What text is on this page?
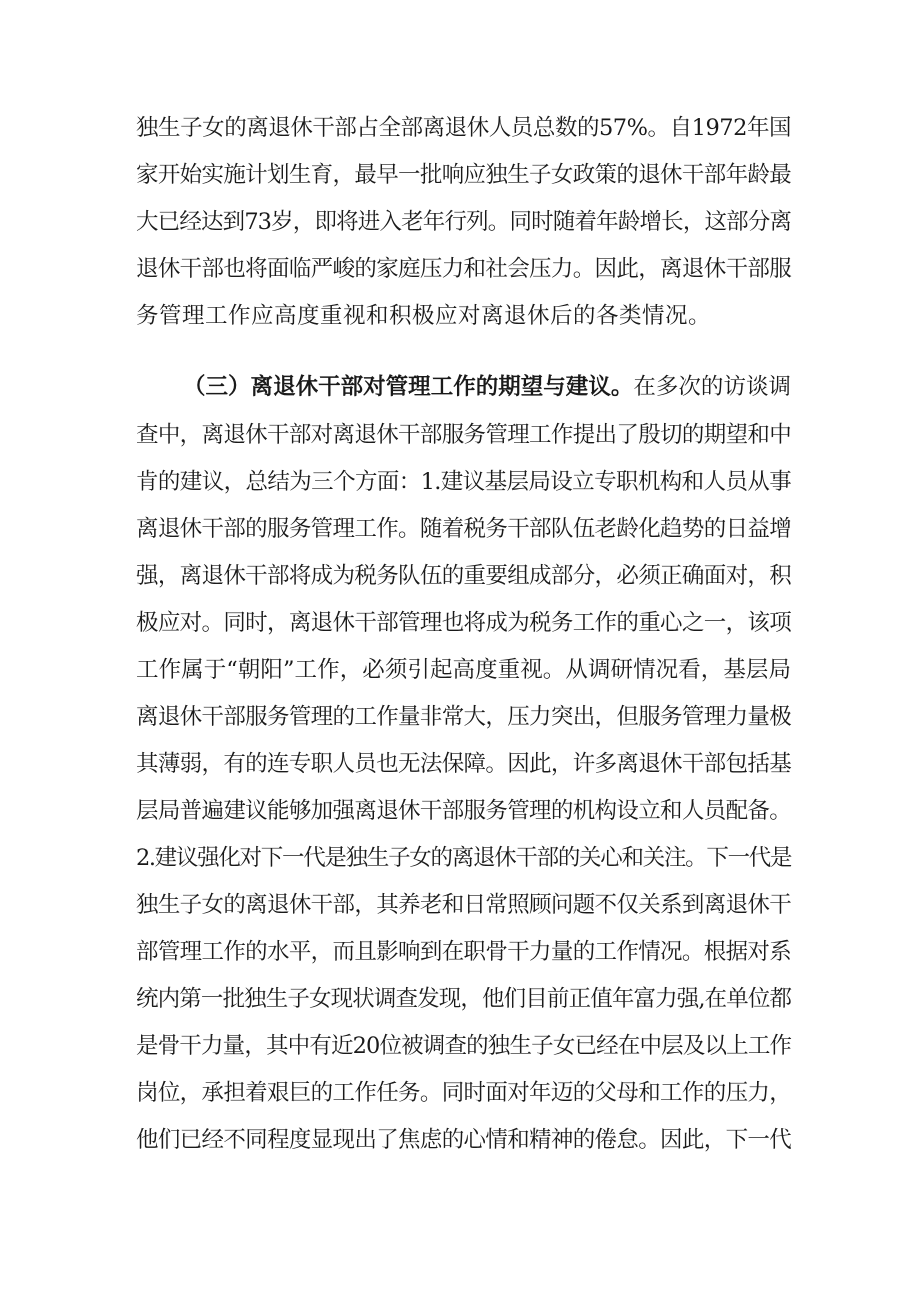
独生子女的离退休干部占全部离退休人员总数的57%。自1972年国
家开始实施计划生育，最早一批响应独生子女政策的退休干部年龄最
大已经达到73岁，即将进入老年行列。同时随着年龄增长，这部分离
退休干部也将面临严峻的家庭压力和社会压力。因此，离退休干部服
务管理工作应高度重视和积极应对离退休后的各类情况。
（三）离退休干部对管理工作的期望与建议。在多次的访谈调
查中，离退休干部对离退休干部服务管理工作提出了殷切的期望和中
肯的建议，总结为三个方面：1.建议基层局设立专职机构和人员从事
离退休干部的服务管理工作。随着税务干部队伍老龄化趋势的日益增
强，离退休干部将成为税务队伍的重要组成部分，必须正确面对，积
极应对。同时，离退休干部管理也将成为税务工作的重心之一，该项
工作属于“朝阳”工作，必须引起高度重视。从调研情况看，基层局
离退休干部服务管理的工作量非常大，压力突出，但服务管理力量极
其薄弱，有的连专职人员也无法保障。因此，许多离退休干部包括基
层局普遍建议能够加强离退休干部服务管理的机构设立和人员配备。
2.建议强化对下一代是独生子女的离退休干部的关心和关注。下一代是
独生子女的离退休干部，其养老和日常照顾问题不仅关系到离退休干
部管理工作的水平，而且影响到在职骨干力量的工作情况。根据对系
统内第一批独生子女现状调查发现，他们目前正值年富力强,在单位都
是骨干力量，其中有近20位被调查的独生子女已经在中层及以上工作
岗位，承担着艰巨的工作任务。同时面对年迈的父母和工作的压力，
他们已经不同程度显现出了焦虑的心情和精神的倦怠。因此，下一代
